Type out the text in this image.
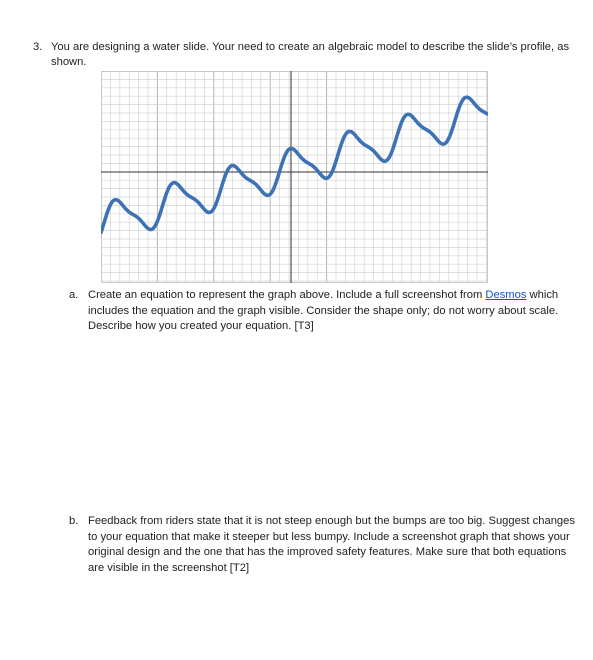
3. You are designing a water slide. Your need to create an algebraic model to describe the slide’s profile, as shown.
a. Create an equation to represent the graph above. Include a full screenshot from Desmos which includes the equation and the graph visible. Consider the shape only; do not worry about scale. Describe how you created your equation. [T3]
b. Feedback from riders state that it is not steep enough but the bumps are too big. Suggest changes to your equation that make it steeper but less bumpy. Include a screenshot graph that shows your original design and the one that has the improved safety features. Make sure that both equations are visible in the screenshot [T2]
